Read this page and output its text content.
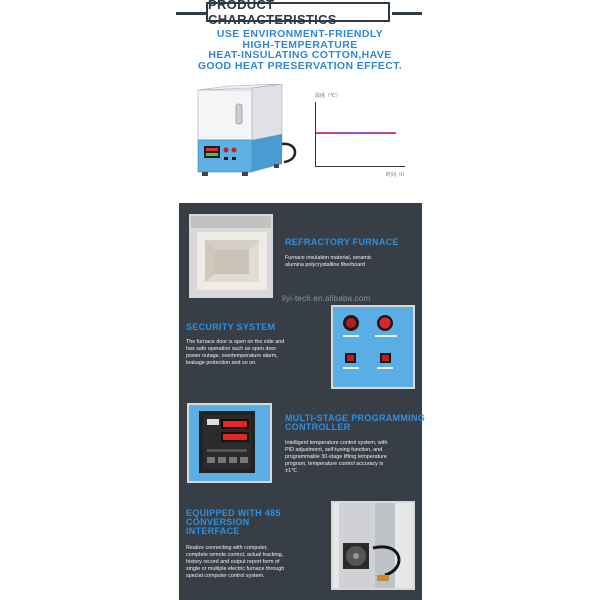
PRODUCT CHARACTERISTICS
USE ENVIRONMENT-FRIENDLY
HIGH-TEMPERATURE
HEAT-INSULATING COTTON,HAVE
GOOD HEAT PRESERVATION EFFECT.
温度（℃）
时间（t）
REFRACTORY FURNACE
Furnace insulation material, ceramic
alumina polycrystalline fiberboard
liyi-tech.en.alibaba.com
SECURITY SYSTEM
The furnace door is open on the side and
has safe operation such as open door
power outage, overtemperature alarm,
leakage protection and so on.
MULTI-STAGE PROGRAMMING
CONTROLLER
Intelligent temperature control system, with
PID adjustment, self-tuning function, and
programmable 30-stage lifting temperature
program, temperature control accuracy is
±1℃
EQUIPPED WITH 485
CONVERSION
INTERFACE
Realize connecting with computer,
complete remote control, actual tracking,
history record and output report form of
single or multiple electric furnace through
special computer control system.
